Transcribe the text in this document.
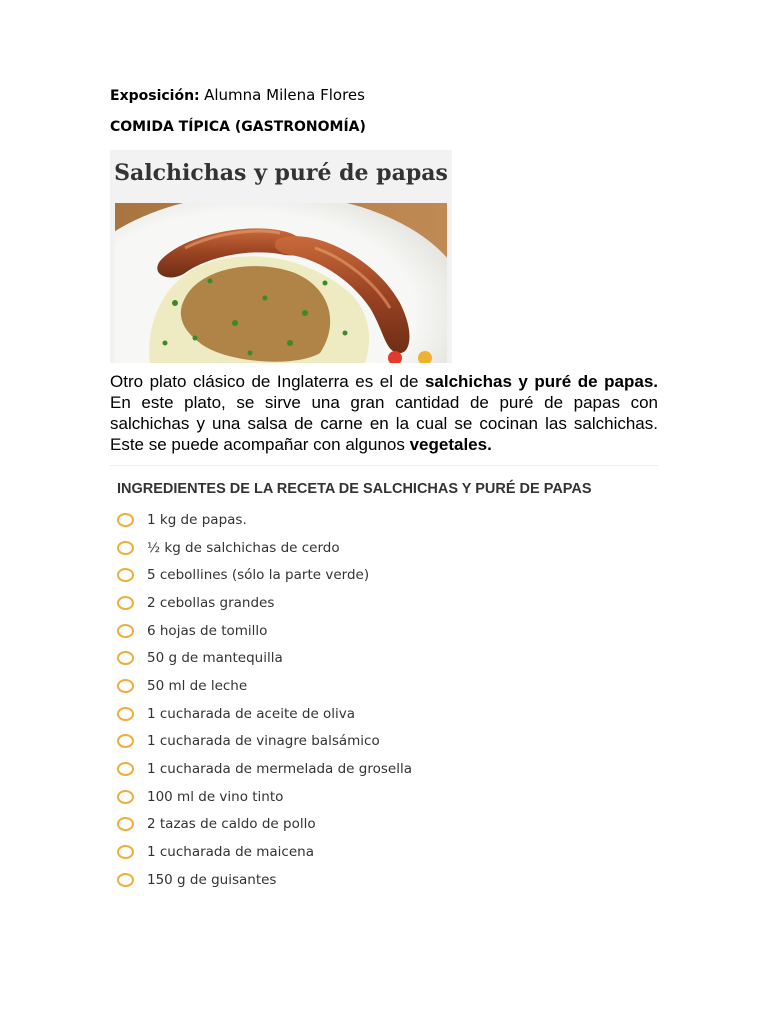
Exposición: Alumna Milena Flores
COMIDA TÍPICA (GASTRONOMÍA)
Salchichas y puré de papas
Otro plato clásico de Inglaterra es el de salchichas y puré de papas. En este plato, se sirve una gran cantidad de puré de papas con salchichas y una salsa de carne en la cual se cocinan las salchichas. Este se puede acompañar con algunos vegetales.
INGREDIENTES DE LA RECETA DE SALCHICHAS Y PURÉ DE PAPAS
1 kg de papas.
½ kg de salchichas de cerdo
5 cebollines (sólo la parte verde)
2 cebollas grandes
6 hojas de tomillo
50 g de mantequilla
50 ml de leche
1 cucharada de aceite de oliva
1 cucharada de vinagre balsámico
1 cucharada de mermelada de grosella
100 ml de vino tinto
2 tazas de caldo de pollo
1 cucharada de maicena
150 g de guisantes
